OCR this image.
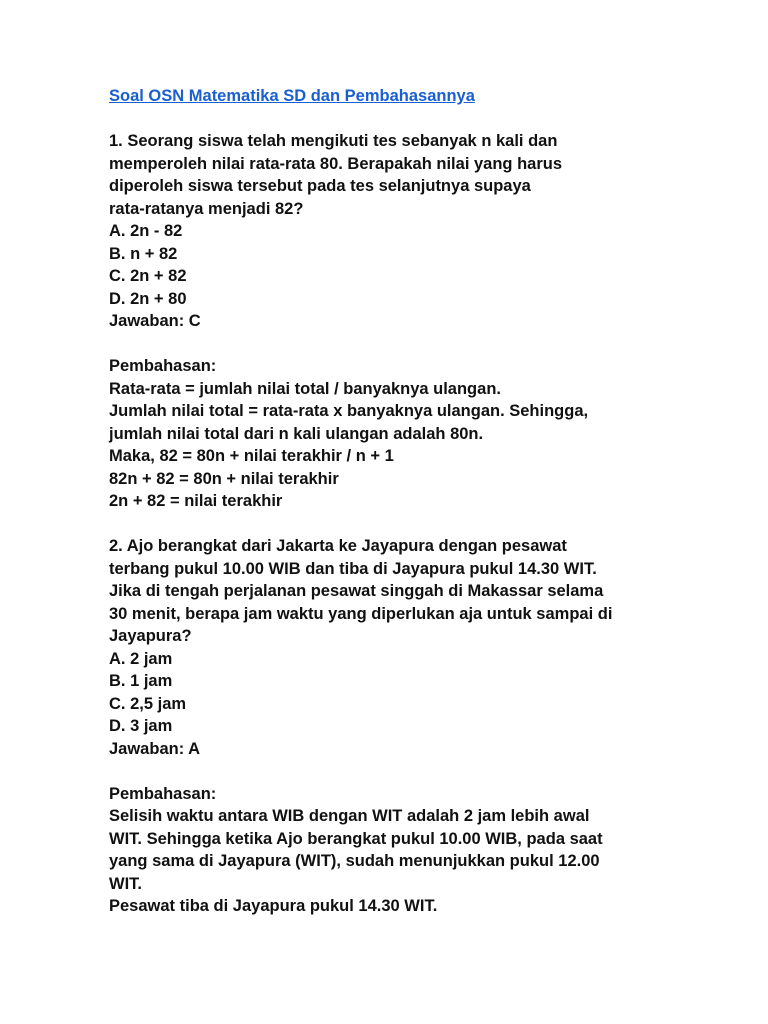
Soal OSN Matematika SD dan Pembahasannya
1. Seorang siswa telah mengikuti tes sebanyak n kali dan
memperoleh nilai rata-rata 80. Berapakah nilai yang harus
diperoleh siswa tersebut pada tes selanjutnya supaya
rata-ratanya menjadi 82?
A. 2n - 82
B. n + 82
C. 2n + 82
D. 2n + 80
Jawaban: C
Pembahasan:
Rata-rata = jumlah nilai total / banyaknya ulangan.
Jumlah nilai total = rata-rata x banyaknya ulangan. Sehingga,
jumlah nilai total dari n kali ulangan adalah 80n.
Maka, 82 = 80n + nilai terakhir / n + 1
82n + 82 = 80n + nilai terakhir
2n + 82 = nilai terakhir
2. Ajo berangkat dari Jakarta ke Jayapura dengan pesawat
terbang pukul 10.00 WIB dan tiba di Jayapura pukul 14.30 WIT.
Jika di tengah perjalanan pesawat singgah di Makassar selama
30 menit, berapa jam waktu yang diperlukan aja untuk sampai di
Jayapura?
A. 2 jam
B. 1 jam
C. 2,5 jam
D. 3 jam
Jawaban: A
Pembahasan:
Selisih waktu antara WIB dengan WIT adalah 2 jam lebih awal
WIT. Sehingga ketika Ajo berangkat pukul 10.00 WIB, pada saat
yang sama di Jayapura (WIT), sudah menunjukkan pukul 12.00
WIT.
Pesawat tiba di Jayapura pukul 14.30 WIT.
